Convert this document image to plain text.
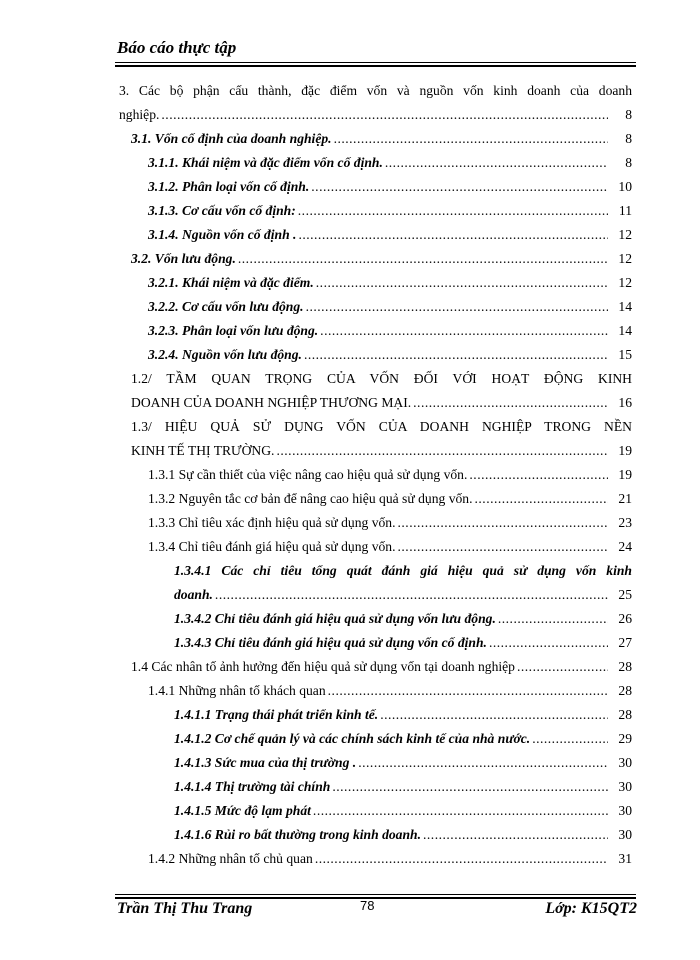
Báo cáo thực tập
3. Các bộ phận cấu thành, đặc điểm vốn và nguồn vốn kinh doanh của doanh
nghiệp. .....	8
3.1. Vốn cố định của doanh nghiệp. .....	8
3.1.1. Khái niệm và đặc điểm vốn cố định. .....	8
3.1.2. Phân loại vốn cố định. .....	10
3.1.3. Cơ cấu vốn cố định: .....	11
3.1.4. Nguồn vốn cố định . .....	12
3.2. Vốn lưu động. .....	12
3.2.1. Khái niệm và đặc điểm. .....	12
3.2.2. Cơ cấu vốn lưu động. .....	14
3.2.3. Phân loại vốn lưu động. .....	14
3.2.4. Nguồn vốn lưu động. .....	15
1.2/ TẦM QUAN TRỌNG CỦA VỐN ĐỐI VỚI HOẠT ĐỘNG KINH
DOANH CỦA DOANH NGHIỆP THƯƠNG MẠI. .....	16
1.3/ HIỆU QUẢ SỬ DỤNG VỐN CỦA DOANH NGHIỆP TRONG NỀN
KINH TẾ THỊ TRƯỜNG. .....	19
1.3.1 Sự cần thiết của việc nâng cao hiệu quả sử dụng vốn. .....	19
1.3.2 Nguyên tắc cơ bản để nâng cao hiệu quả sử dụng vốn. .....	21
1.3.3 Chỉ tiêu xác định hiệu quả sử dụng vốn. .....	23
1.3.4 Chỉ tiêu đánh giá hiệu quả sử dụng vốn. .....	24
1.3.4.1 Các chỉ tiêu tổng quát đánh giá hiệu quả sử dụng vốn kinh
doanh. .....	25
1.3.4.2 Chỉ tiêu đánh giá hiệu quả sử dụng vốn lưu động. .....	26
1.3.4.3 Chỉ tiêu đánh giá hiệu quả sử dụng vốn cố định. .....	27
1.4 Các nhân tố ảnh hưởng đến hiệu quả sử dụng vốn tại doanh nghiệp .....	28
1.4.1 Những nhân tố khách quan .....	28
1.4.1.1 Trạng thái phát triển kinh tế. .....	28
1.4.1.2 Cơ chế quản lý và các chính sách kinh tế của nhà nước. .....	29
1.4.1.3 Sức mua của thị trường . .....	30
1.4.1.4 Thị trường tài chính .....	30
1.4.1.5 Mức độ lạm phát .....	30
1.4.1.6 Rủi ro bất thường trong kinh doanh. .....	30
1.4.2 Những nhân tố chủ quan .....	31
Trần Thị Thu Trang	78	Lớp: K15QT2
